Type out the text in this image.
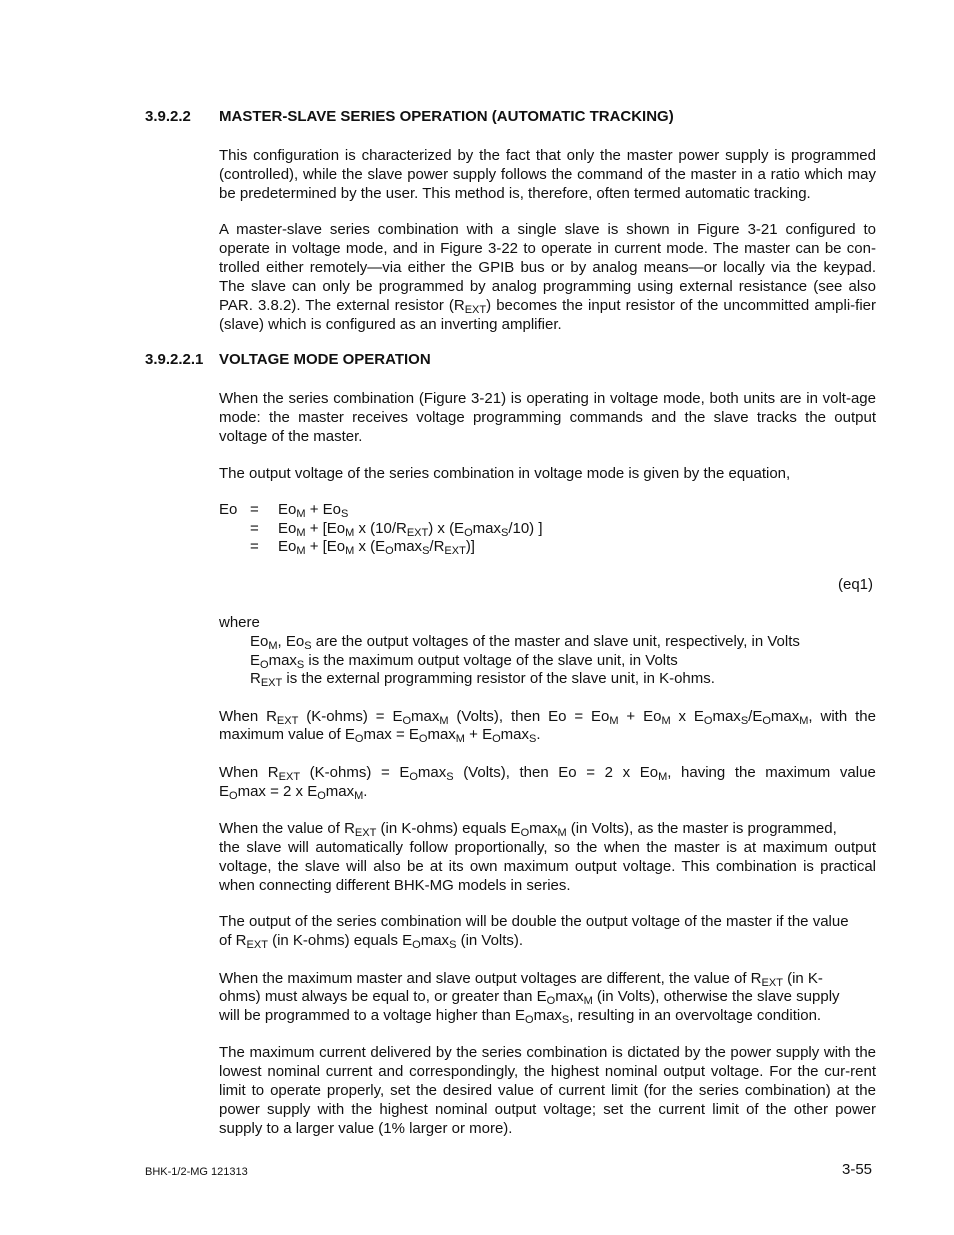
3.9.2.2 MASTER-SLAVE SERIES OPERATION (AUTOMATIC TRACKING)

This configuration is characterized by the fact that only the master power supply is programmed (controlled), while the slave power supply follows the command of the master in a ratio which may be predetermined by the user. This method is, therefore, often termed automatic tracking.

A master-slave series combination with a single slave is shown in Figure 3-21 configured to operate in voltage mode, and in Figure 3-22 to operate in current mode. The master can be con-trolled either remotely—via either the GPIB bus or by analog means—or locally via the keypad. The slave can only be programmed by analog programming using external resistance (see also PAR. 3.8.2). The external resistor $(R_{EXT})$ becomes the input resistor of the uncommitted ampli-fier (slave) which is configured as an inverting amplifier.

3.9.2.2.1 VOLTAGE MODE OPERATION

When the series combination (Figure 3-21) is operating in voltage mode, both units are in volt-age mode: the master receives voltage programming commands and the slave tracks the output voltage of the master.

The output voltage of the series combination in voltage mode is given by the equation,

$Eo = Eo_M + Eo_S$
= $Eo_M + [Eo_M$ x $(10/R_{EXT})$ x $(E_O\max_S/10)$ ]
= $Eo_M + [Eo_M$ x $(E_O\max_S/R_{EXT})$]
(eq1)
where
$Eo_M$, $Eo_S$ are the output voltages of the master and slave unit, respectively, in Volts
$E_O\max_S$ is the maximum output voltage of the slave unit, in Volts
$R_{EXT}$ is the external programming resistor of the slave unit, in K-ohms.
When $R_{EXT}$ (K-ohms) = $E_O\max_M$ (Volts), then $Eo = Eo_M + Eo_M$ x $E_O\max_S/E_O\max_M$, with the
maximum value of $E_O\max = E_O\max_M + E_O\max_S$.
When $R_{EXT}$ (K-ohms) = $E_O\max_S$ (Volts), then Eo = 2 x $Eo_M$, having the maximum value
$E_O\max = 2$ x $E_O\max_M$.
When the value of $R_{EXT}$ (in K-ohms) equals $E_O\max_M$ (in Volts), as the master is programmed,

the slave will automatically follow proportionally, so the when the master is at maximum output voltage, the slave will also be at its own maximum output voltage. This combination is practical when connecting different BHK-MG models in series.

The output of the series combination will be double the output voltage of the master if the value
of $R_{EXT}$ (in K-ohms) equals $E_O\max_S$ (in Volts).
When the maximum master and slave output voltages are different, the value of $R_{EXT}$ (in K-
ohms) must always be equal to, or greater than $E_O\max_M$ (in Volts), otherwise the slave supply
will be programmed to a voltage higher than $E_O\max_S$, resulting in an overvoltage condition.

The maximum current delivered by the series combination is dictated by the power supply with the lowest nominal current and correspondingly, the highest nominal output voltage. For the cur-rent limit to operate properly, set the desired value of current limit (for the series combination) at the power supply with the highest nominal output voltage; set the current limit of the other power supply to a larger value (1% larger or more).

BHK-1/2-MG 121313	3-55
